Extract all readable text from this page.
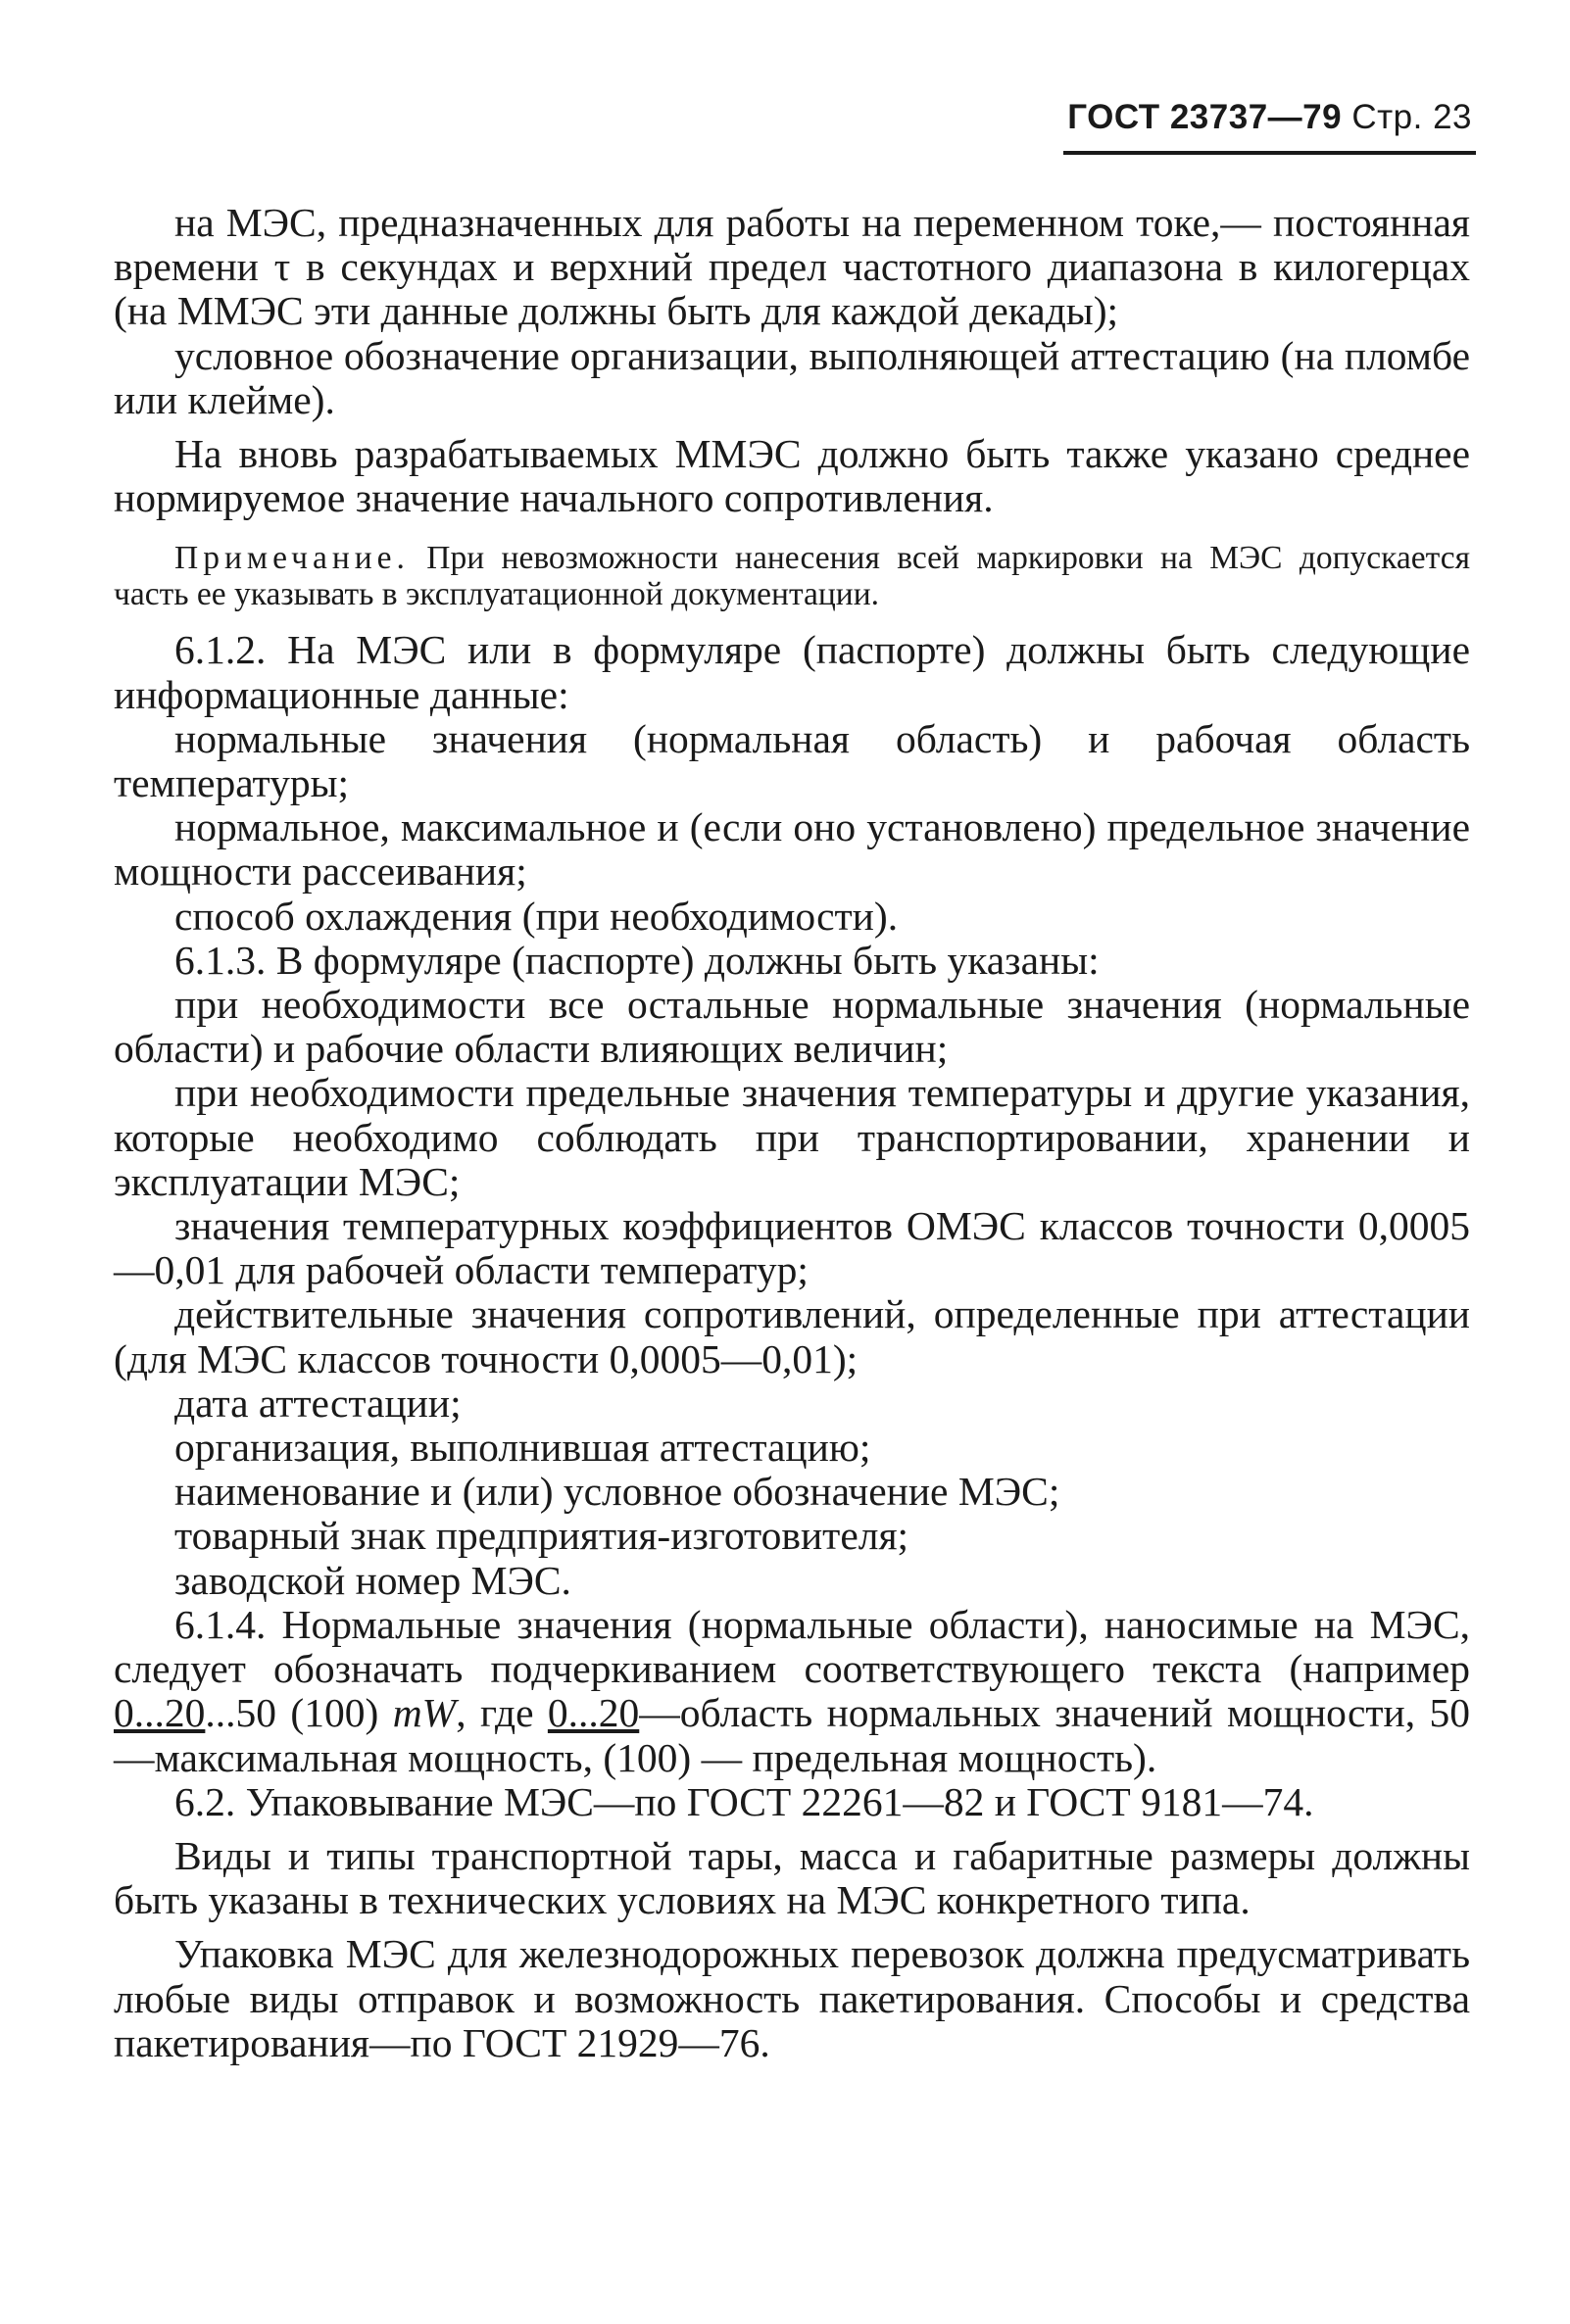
ГОСТ 23737—79 Стр. 23

на МЭС, предназначенных для работы на переменном токе,— постоянная времени τ в секундах и верхний предел частотного диапазона в килогерцах (на ММЭС эти данные должны быть для каждой декады);

условное обозначение организации, выполняющей аттестацию (на пломбе или клейме).

На вновь разрабатываемых ММЭС должно быть также указано среднее нормируемое значение начального сопротивления.

Примечание. При невозможности нанесения всей маркировки на МЭС допускается часть ее указывать в эксплуатационной документации.

6.1.2. На МЭС или в формуляре (паспорте) должны быть следующие информационные данные:

нормальные значения (нормальная область) и рабочая область температуры;

нормальное, максимальное и (если оно установлено) предельное значение мощности рассеивания;

способ охлаждения (при необходимости).

6.1.3. В формуляре (паспорте) должны быть указаны:

при необходимости все остальные нормальные значения (нормальные области) и рабочие области влияющих величин;

при необходимости предельные значения температуры и другие указания, которые необходимо соблюдать при транспортировании, хранении и эксплуатации МЭС;

значения температурных коэффициентов ОМЭС классов точности 0,0005—0,01 для рабочей области температур;

действительные значения сопротивлений, определенные при аттестации (для МЭС классов точности 0,0005—0,01);

дата аттестации;

организация, выполнившая аттестацию;

наименование и (или) условное обозначение МЭС;

товарный знак предприятия-изготовителя;

заводской номер МЭС.

6.1.4. Нормальные значения (нормальные области), наносимые на МЭС, следует обозначать подчеркиванием соответствующего текста (например 0...20...50 (100) mW, где 0...20—область нормальных значений мощности, 50—максимальная мощность, (100) — предельная мощность).

6.2. Упаковывание МЭС—по ГОСТ 22261—82 и ГОСТ 9181—74.

Виды и типы транспортной тары, масса и габаритные размеры должны быть указаны в технических условиях на МЭС конкретного типа.

Упаковка МЭС для железнодорожных перевозок должна предусматривать любые виды отправок и возможность пакетирования. Способы и средства пакетирования—по ГОСТ 21929—76.
